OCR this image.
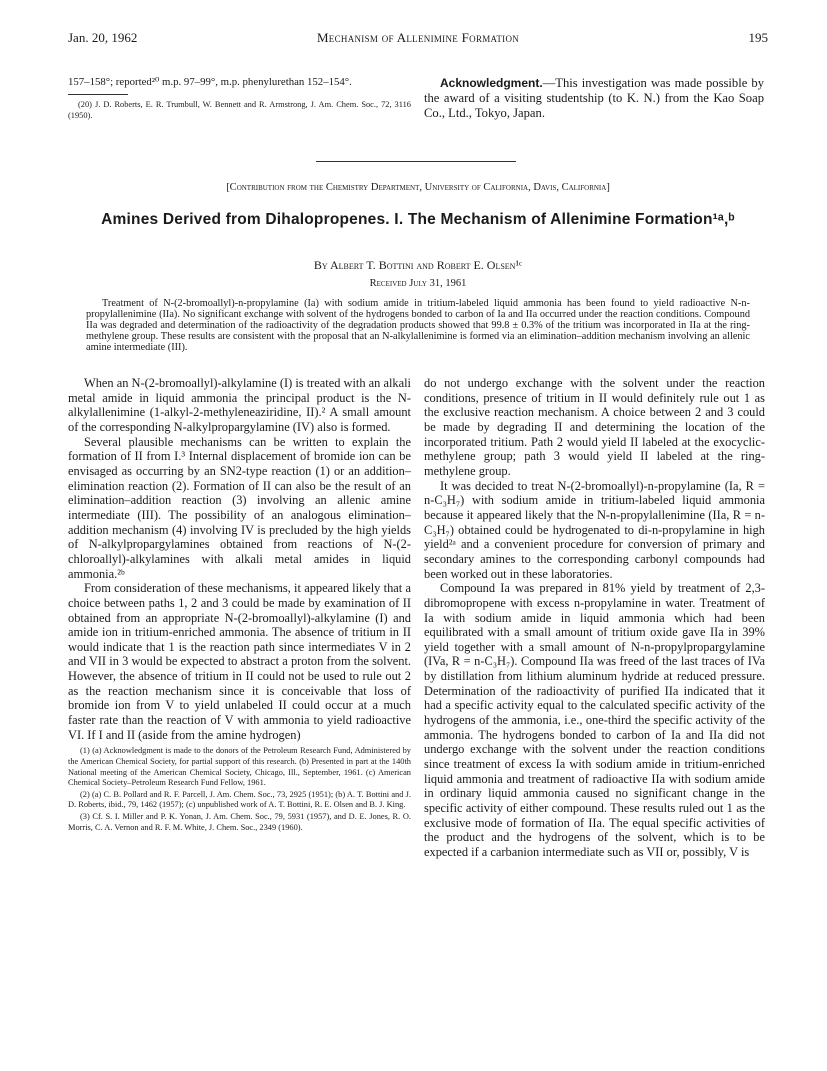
Jan. 20, 1962	Mechanism of Allenimine Formation	195

157–158°; reported²⁰ m.p. 97–99°, m.p. phenylurethan 152–154°.

(20) J. D. Roberts, E. R. Trumbull, W. Bennett and R. Armstrong, J. Am. Chem. Soc., 72, 3116 (1950).

Acknowledgment.—This investigation was made possible by the award of a visiting studentship (to K. N.) from the Kao Soap Co., Ltd., Tokyo, Japan.

[Contribution from the Chemistry Department, University of California, Davis, California]
Amines Derived from Dihalopropenes. I. The Mechanism of Allenimine Formation¹ᵃ,ᵇ
By Albert T. Bottini and Robert E. Olsen¹ᶜ
Received July 31, 1961
Treatment of N-(2-bromoallyl)-n-propylamine (Ia) with sodium amide in tritium-labeled liquid ammonia has been found to yield radioactive N-n-propylallenimine (IIa). No significant exchange with solvent of the hydrogens bonded to carbon of Ia and IIa occurred under the reaction conditions. Compound IIa was degraded and determination of the radioactivity of the degradation products showed that 99.8 ± 0.3% of the tritium was incorporated in IIa at the ring-methylene group. These results are consistent with the proposal that an N-alkylallenimine is formed via an elimination–addition mechanism involving an allenic amine intermediate (III).

When an N-(2-bromoallyl)-alkylamine (I) is treated with an alkali metal amide in liquid ammonia the principal product is the N-alkylallenimine (1-alkyl-2-methyleneaziridine, II).² A small amount of the corresponding N-alkylpropargylamine (IV) also is formed.

Several plausible mechanisms can be written to explain the formation of II from I.³ Internal displacement of bromide ion can be envisaged as occurring by an SN2-type reaction (1) or an addition–elimination reaction (2). Formation of II can also be the result of an elimination–addition reaction (3) involving an allenic amine intermediate (III). The possibility of an analogous elimination–addition mechanism (4) involving IV is precluded by the high yields of N-alkylpropargylamines obtained from reactions of N-(2-chloroallyl)-alkylamines with alkali metal amides in liquid ammonia.²ᵇ

From consideration of these mechanisms, it appeared likely that a choice between paths 1, 2 and 3 could be made by examination of II obtained from an appropriate N-(2-bromoallyl)-alkylamine (I) and amide ion in tritium-enriched ammonia. The absence of tritium in II would indicate that 1 is the reaction path since intermediates V in 2 and VII in 3 would be expected to abstract a proton from the solvent. However, the absence of tritium in II could not be used to rule out 2 as the reaction mechanism since it is conceivable that loss of bromide ion from V to yield unlabeled II could occur at a much faster rate than the reaction of V with ammonia to yield radioactive VI. If I and II (aside from the amine hydrogen)

(1) (a) Acknowledgment is made to the donors of the Petroleum Research Fund, Administered by the American Chemical Society, for partial support of this research. (b) Presented in part at the 140th National meeting of the American Chemical Society, Chicago, Ill., September, 1961. (c) American Chemical Society–Petroleum Research Fund Fellow, 1961.

(2) (a) C. B. Pollard and R. F. Parcell, J. Am. Chem. Soc., 73, 2925 (1951); (b) A. T. Bottini and J. D. Roberts, ibid., 79, 1462 (1957); (c) unpublished work of A. T. Bottini, R. E. Olsen and B. J. King.

(3) Cf. S. I. Miller and P. K. Yonan, J. Am. Chem. Soc., 79, 5931 (1957), and D. E. Jones, R. O. Morris, C. A. Vernon and R. F. M. White, J. Chem. Soc., 2349 (1960).

do not undergo exchange with the solvent under the reaction conditions, presence of tritium in II would definitely rule out 1 as the exclusive reaction mechanism. A choice between 2 and 3 could be made by degrading II and determining the location of the incorporated tritium. Path 2 would yield II labeled at the exocyclic-methylene group; path 3 would yield II labeled at the ring-methylene group.

It was decided to treat N-(2-bromoallyl)-n-propylamine (Ia, R = n-C₃H₇) with sodium amide in tritium-labeled liquid ammonia because it appeared likely that the N-n-propylallenimine (IIa, R = n-C₃H₇) obtained could be hydrogenated to di-n-propylamine in high yield²ᵃ and a convenient procedure for conversion of primary and secondary amines to the corresponding carbonyl compounds had been worked out in these laboratories.

Compound Ia was prepared in 81% yield by treatment of 2,3-dibromopropene with excess n-propylamine in water. Treatment of Ia with sodium amide in liquid ammonia which had been equilibrated with a small amount of tritium oxide gave IIa in 39% yield together with a small amount of N-n-propylpropargylamine (IVa, R = n-C₃H₇). Compound IIa was freed of the last traces of IVa by distillation from lithium aluminum hydride at reduced pressure. Determination of the radioactivity of purified IIa indicated that it had a specific activity equal to the calculated specific activity of the hydrogens of the ammonia, i.e., one-third the specific activity of the ammonia. The hydrogens bonded to carbon of Ia and IIa did not undergo exchange with the solvent under the reaction conditions since treatment of excess Ia with sodium amide in tritium-enriched liquid ammonia and treatment of radioactive IIa with sodium amide in ordinary liquid ammonia caused no significant change in the specific activity of either compound. These results ruled out 1 as the exclusive mode of formation of IIa. The equal specific activities of the product and the hydrogens of the solvent, which is to be expected if a carbanion intermediate such as VII or, possibly, V is
